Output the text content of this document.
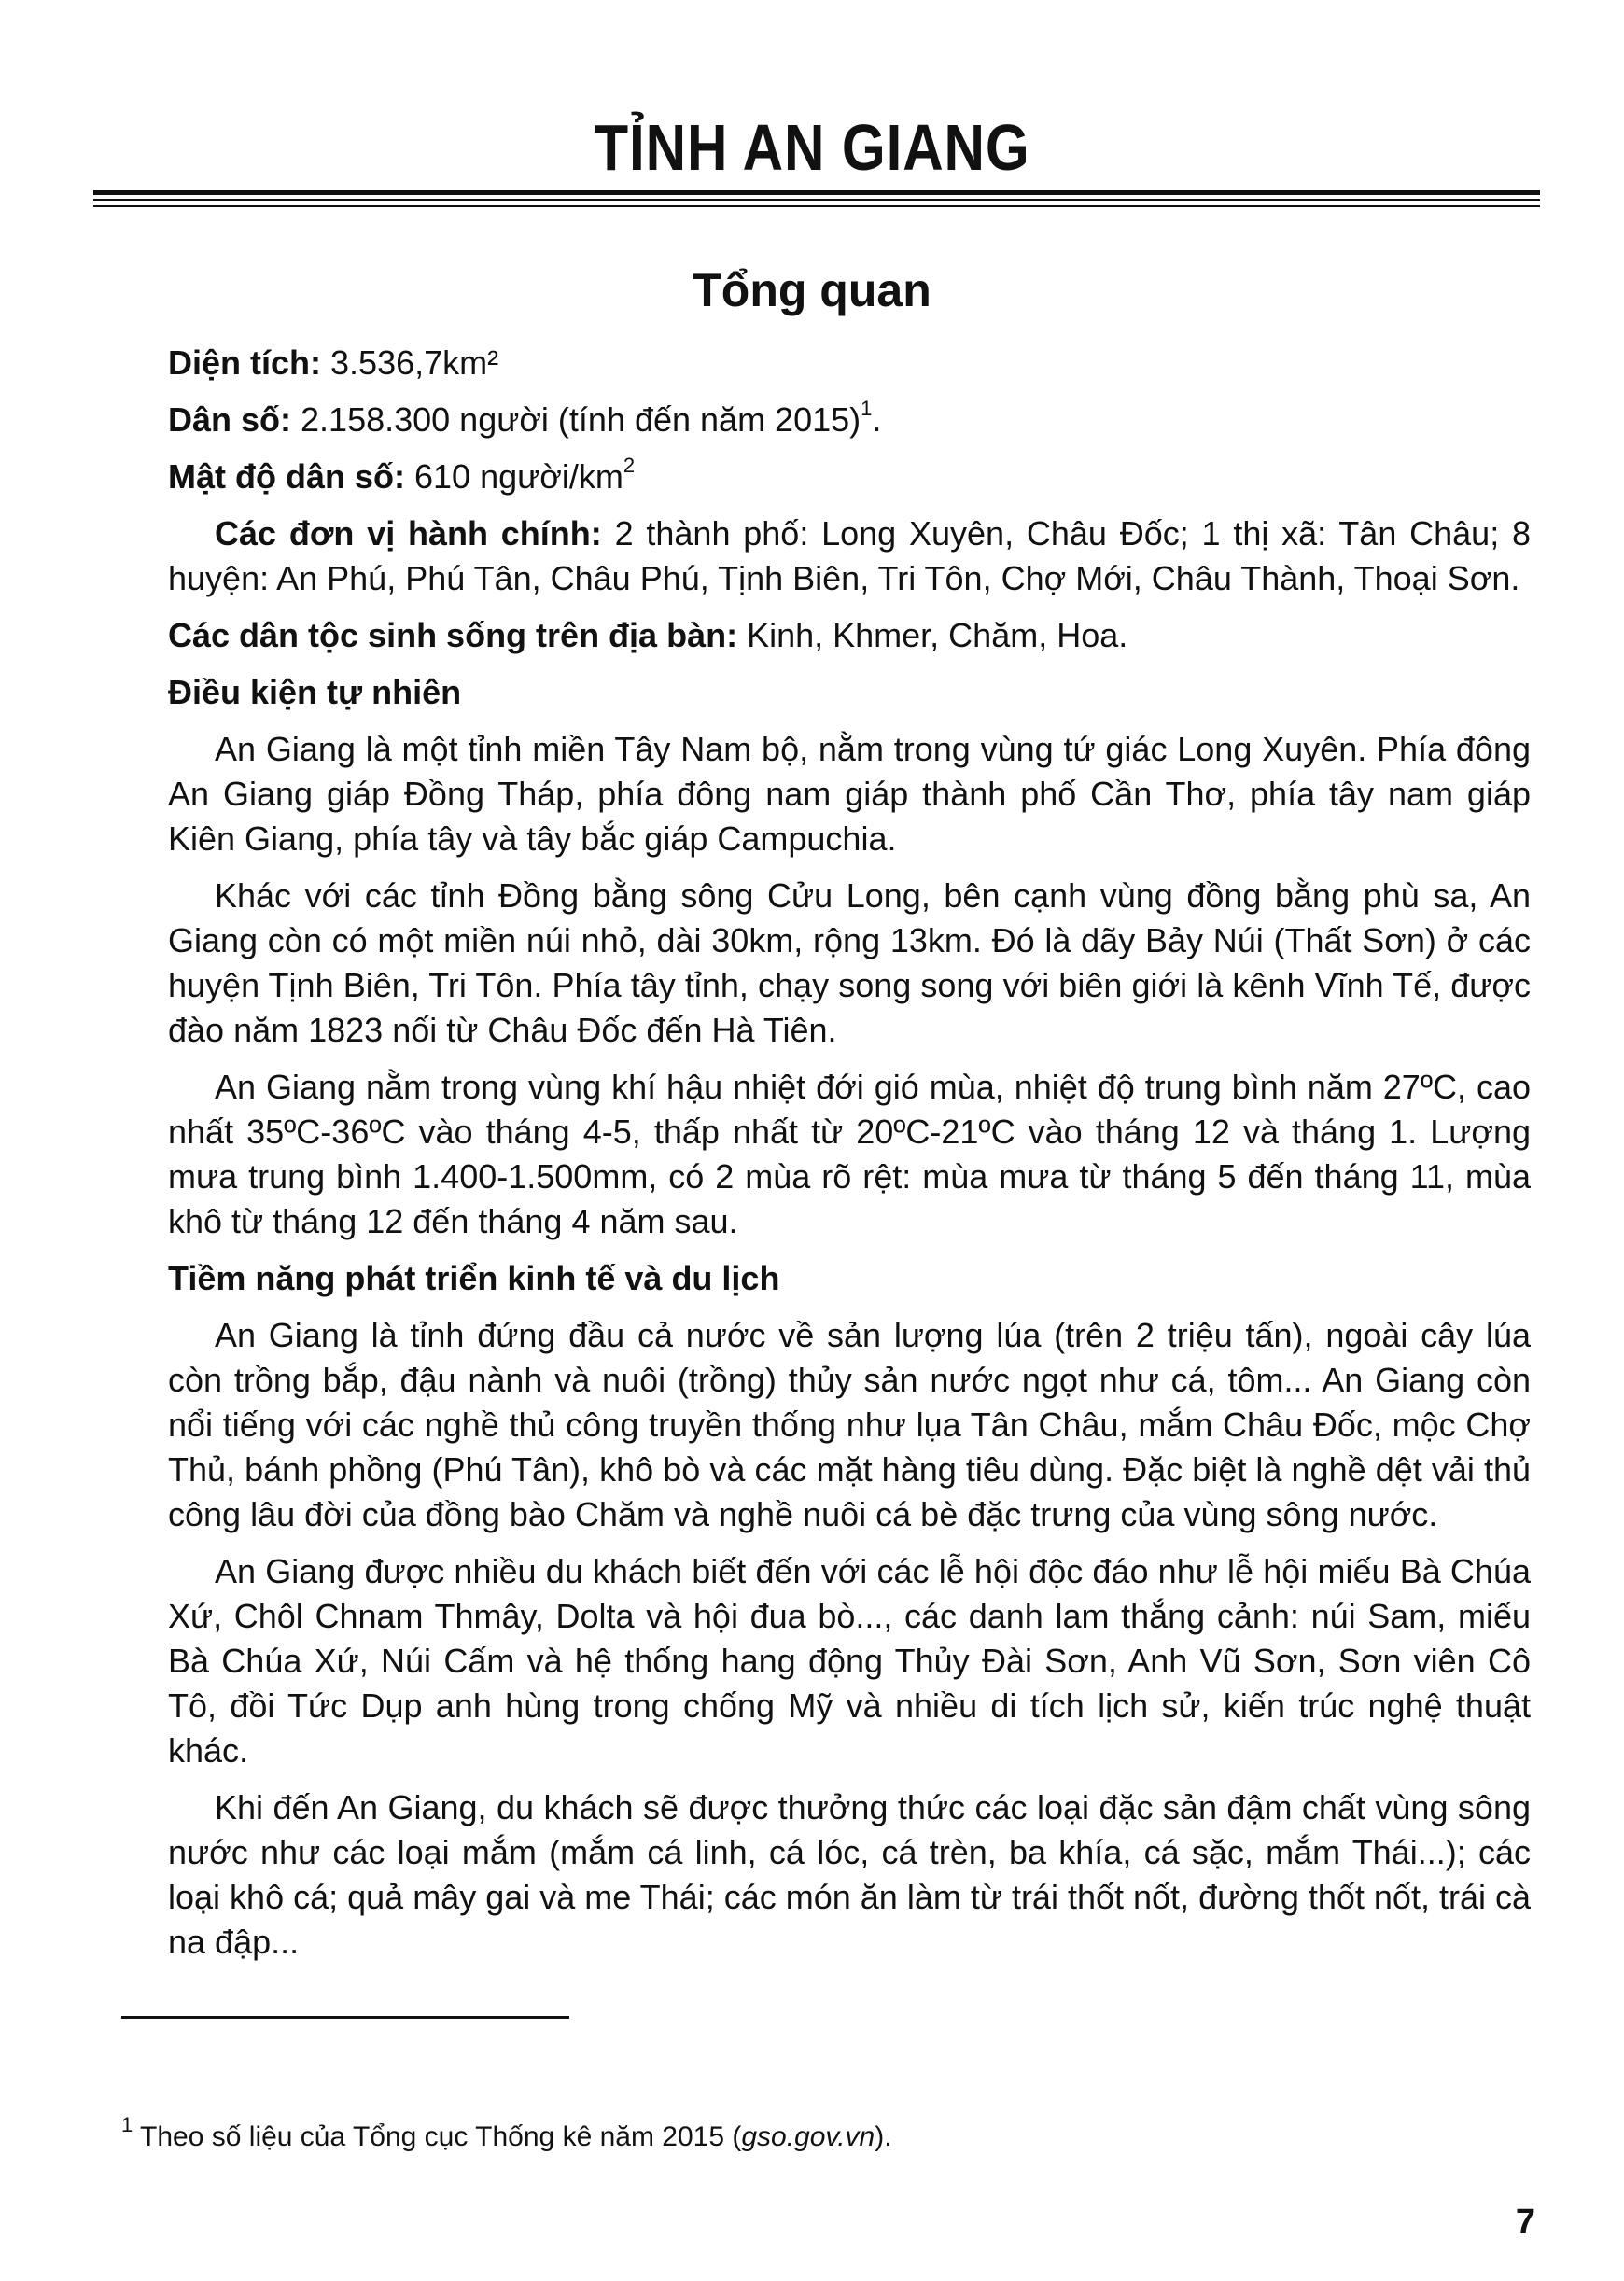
TỈNH AN GIANG
Tổng quan

Diện tích: 3.536,7km²

Dân số: 2.158.300 người (tính đến năm 2015)$^1$.

Mật độ dân số: 610 người/$km^2$

Các đơn vị hành chính: 2 thành phố: Long Xuyên, Châu Đốc; 1 thị xã: Tân Châu; 8 huyện: An Phú, Phú Tân, Châu Phú, Tịnh Biên, Tri Tôn, Chợ Mới, Châu Thành, Thoại Sơn.

Các dân tộc sinh sống trên địa bàn: Kinh, Khmer, Chăm, Hoa.

Điều kiện tự nhiên

An Giang là một tỉnh miền Tây Nam bộ, nằm trong vùng tứ giác Long Xuyên. Phía đông An Giang giáp Đồng Tháp, phía đông nam giáp thành phố Cần Thơ, phía tây nam giáp Kiên Giang, phía tây và tây bắc giáp Campuchia.

Khác với các tỉnh Đồng bằng sông Cửu Long, bên cạnh vùng đồng bằng phù sa, An Giang còn có một miền núi nhỏ, dài 30km, rộng 13km. Đó là dãy Bảy Núi (Thất Sơn) ở các huyện Tịnh Biên, Tri Tôn. Phía tây tỉnh, chạy song song với biên giới là kênh Vĩnh Tế, được đào năm 1823 nối từ Châu Đốc đến Hà Tiên.

An Giang nằm trong vùng khí hậu nhiệt đới gió mùa, nhiệt độ trung bình năm 27ºC, cao nhất 35ºC-36ºC vào tháng 4-5, thấp nhất từ 20ºC-21ºC vào tháng 12 và tháng 1. Lượng mưa trung bình 1.400-1.500mm, có 2 mùa rõ rệt: mùa mưa từ tháng 5 đến tháng 11, mùa khô từ tháng 12 đến tháng 4 năm sau.

Tiềm năng phát triển kinh tế và du lịch

An Giang là tỉnh đứng đầu cả nước về sản lượng lúa (trên 2 triệu tấn), ngoài cây lúa còn trồng bắp, đậu nành và nuôi (trồng) thủy sản nước ngọt như cá, tôm... An Giang còn nổi tiếng với các nghề thủ công truyền thống như lụa Tân Châu, mắm Châu Đốc, mộc Chợ Thủ, bánh phồng (Phú Tân), khô bò và các mặt hàng tiêu dùng. Đặc biệt là nghề dệt vải thủ công lâu đời của đồng bào Chăm và nghề nuôi cá bè đặc trưng của vùng sông nước.

An Giang được nhiều du khách biết đến với các lễ hội độc đáo như lễ hội miếu Bà Chúa Xứ, Chôl Chnam Thmây, Dolta và hội đua bò..., các danh lam thắng cảnh: núi Sam, miếu Bà Chúa Xứ, Núi Cấm và hệ thống hang động Thủy Đài Sơn, Anh Vũ Sơn, Sơn viên Cô Tô, đồi Tức Dụp anh hùng trong chống Mỹ và nhiều di tích lịch sử, kiến trúc nghệ thuật khác.

Khi đến An Giang, du khách sẽ được thưởng thức các loại đặc sản đậm chất vùng sông nước như các loại mắm (mắm cá linh, cá lóc, cá trèn, ba khía, cá sặc, mắm Thái...); các loại khô cá; quả mây gai và me Thái; các món ăn làm từ trái thốt nốt, đường thốt nốt, trái cà na đập...

$^1$ Theo số liệu của Tổng cục Thống kê năm 2015 (gso.gov.vn).
7
